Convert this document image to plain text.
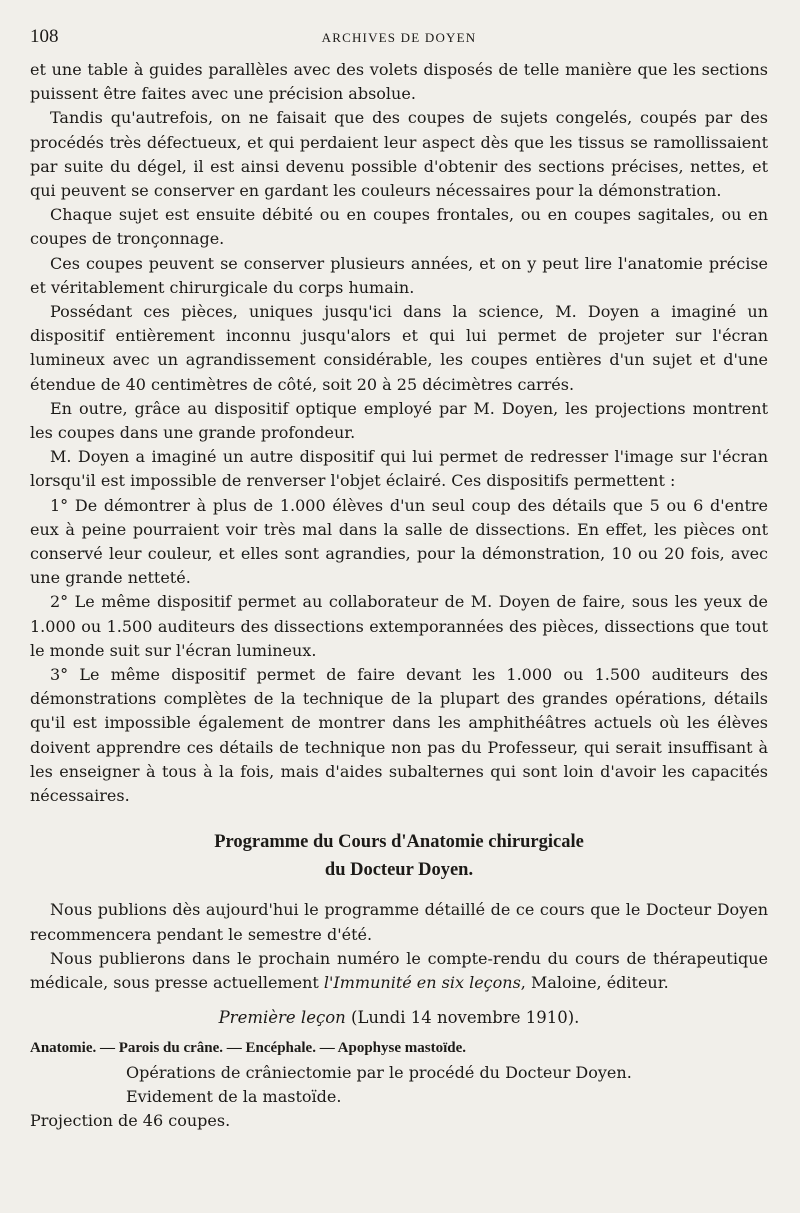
108	ARCHIVES DE DOYEN

et une table à guides parallèles avec des volets disposés de telle manière que les sections puissent être faites avec une précision absolue.

Tandis qu'autrefois, on ne faisait que des coupes de sujets congelés, coupés par des procédés très défectueux, et qui perdaient leur aspect dès que les tissus se ramollissaient par suite du dégel, il est ainsi devenu possible d'obtenir des sections précises, nettes, et qui peuvent se conserver en gardant les couleurs nécessaires pour la démonstration.

Chaque sujet est ensuite débité ou en coupes frontales, ou en coupes sagitales, ou en coupes de tronçonnage.

Ces coupes peuvent se conserver plusieurs années, et on y peut lire l'anatomie précise et véritablement chirurgicale du corps humain.

Possédant ces pièces, uniques jusqu'ici dans la science, M. Doyen a imaginé un dispositif entièrement inconnu jusqu'alors et qui lui permet de projeter sur l'écran lumineux avec un agrandissement considérable, les coupes entières d'un sujet et d'une étendue de 40 centimètres de côté, soit 20 à 25 décimètres carrés.

En outre, grâce au dispositif optique employé par M. Doyen, les projections montrent les coupes dans une grande profondeur.

M. Doyen a imaginé un autre dispositif qui lui permet de redresser l'image sur l'écran lorsqu'il est impossible de renverser l'objet éclairé. Ces dispositifs permettent :

1° De démontrer à plus de 1.000 élèves d'un seul coup des détails que 5 ou 6 d'entre eux à peine pourraient voir très mal dans la salle de dissections. En effet, les pièces ont conservé leur couleur, et elles sont agrandies, pour la démonstration, 10 ou 20 fois, avec une grande netteté.

2° Le même dispositif permet au collaborateur de M. Doyen de faire, sous les yeux de 1.000 ou 1.500 auditeurs des dissections extemporannées des pièces, dissections que tout le monde suit sur l'écran lumineux.

3° Le même dispositif permet de faire devant les 1.000 ou 1.500 auditeurs des démonstrations complètes de la technique de la plupart des grandes opérations, détails qu'il est impossible également de montrer dans les amphithéâtres actuels où les élèves doivent apprendre ces détails de technique non pas du Professeur, qui serait insuffisant à les enseigner à tous à la fois, mais d'aides subalternes qui sont loin d'avoir les capacités nécessaires.

Programme du Cours d'Anatomie chirurgicale
du Docteur Doyen.

Nous publions dès aujourd'hui le programme détaillé de ce cours que le Docteur Doyen recommencera pendant le semestre d'été.

Nous publierons dans le prochain numéro le compte-rendu du cours de thérapeutique médicale, sous presse actuellement l'Immunité en six leçons, Maloine, éditeur.

Première leçon (Lundi 14 novembre 1910).
Anatomie. — Parois du crâne. — Encéphale. — Apophyse mastoïde.
Opérations de crâniectomie par le procédé du Docteur Doyen.
Evidement de la mastoïde.
Projection de 46 coupes.
